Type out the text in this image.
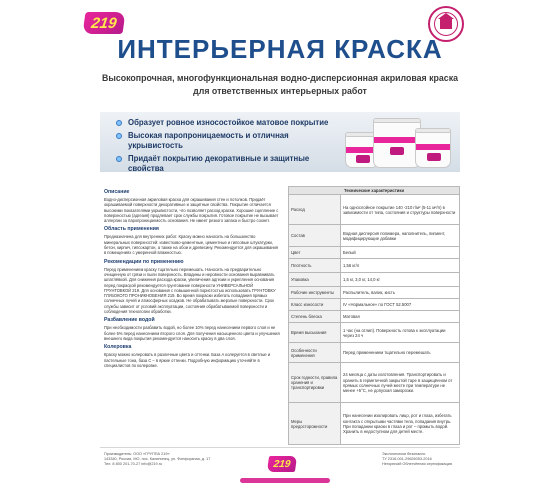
219
ИНТЕРЬЕРНАЯ КРАСКА
Высокопрочная, многофункциональная водно-дисперсионная акриловая краска для ответственных интерьерных работ
Образует ровное износостойкое матовое покрытие
Высокая паропроницаемость и отличная укрывистость
Придаёт покрытию декоративные и защитные свойства
Описание
Водно-дисперсионная акриловая краска для окрашивания стен и потолков. Придаёт окрашиваемой поверхности декоративные и защитные свойства. Покрытие отличается высокими показателями укрывистости, что позволяет расход краски. Хорошие сцепление с поверхностью (адгезия) продлевает срок службы покрытия. Готовое покрытие не вызывает аллергии за паропроницаемость основания. Не имеет резкого запаха и быстро сохнет.
Область применения
Предназначена для внутренних работ. Краску можно наносить на большинство минеральных поверхностей: известково-цементные, цементные и гипсовые штукатурки, бетон, кирпич, гипсокартон, а также на обои и древесину. Рекомендуется для окрашивания в помещениях с умеренной влажностью.
Рекомендации по применению
Перед применением краску тщательно перемешать. Наносить на предварительно очищенную от грязи и пыли поверхность. Впадины и неровности основания выравнивать шпатлёвкой. Для снижения расхода краски, увеличения адгезии и укрепления основания перед покраской рекомендуется грунтование поверхности УНИВЕРСАЛЬНОЙ ГРУНТОВКОЙ 219. Для основания с повышенной пористостью использовать ГРУНТОВКУ ГЛУБОКОГО ПРОНИКНОВЕНИЯ 219. Во время покраски избегать попадания прямых солнечных лучей и атмосферных осадков. Не обрабатывать мерзлые поверхности. Срок службы зависит от условий эксплуатации, состояния обрабатываемой поверхности и соблюдения технологии обработки.
Разбавление водой
При необходимости разбавить водой, но более 10% перед нанесением первого слоя и не более 5% перед нанесением второго слоя. Для получения насыщенного цвета и улучшения внешнего вида покрытия рекомендуется наносить краску в два слоя.
Колеровка
Краску можно колеровать в различные цвета и оттенки. База А колеруется в светлые и пастельные тона, база С – в яркие оттенки. Подробную информацию уточняйте в специалистов по колеровке.
Технические характеристики	
Расход	На однослойное покрытие 140 -210 г/м² (5-11 м²/л) в зависимости от типа, состояния и структуры поверхности
Состав	Водная дисперсия полимера, наполнитель, пигмент, модифицирующие добавки
Цвет	Белый
Плотность	1,56 кг/л
Упаковка	1,5 кг, 3,0 кг, 14,0 кг
Рабочие инструменты	Распылитель, валик, кисть
Класс износости	IV «Нормальное» по ГОСТ 52.5007
Степень блеска	Матовая
Время высыхания	1 час (на отлип). Поверхность готова к эксплуатации через 24 ч
Особенности применения	Перед применением тщательно перемешать
Срок годности, правила хранения и транспортировки	24 месяца с даты изготовления. Транспортировать и хранить в герметичной закрытой таре в защищённом от прямых солнечных лучей месте при температуре не менее +5°С, не допуская заморозки.
Меры предосторожности	При нанесении изолировать лицо, рот и глаза, избегать контакта с открытыми частями тела, попадания внутрь. При попадании краски в глаза и рот – промыть водой. Хранить в недоступном для детей месте.
Производитель: ООО «ГРУППА 219»
143340, Россия, МО, пос. Калининец, ул. Фонфорзная, д. 17
Тел. 8 800 201-70-27 info@219.ru	219
Экологически безопасно
ТУ 2316-001-29626053-2016
Негорючий Облегчённая сертификация
